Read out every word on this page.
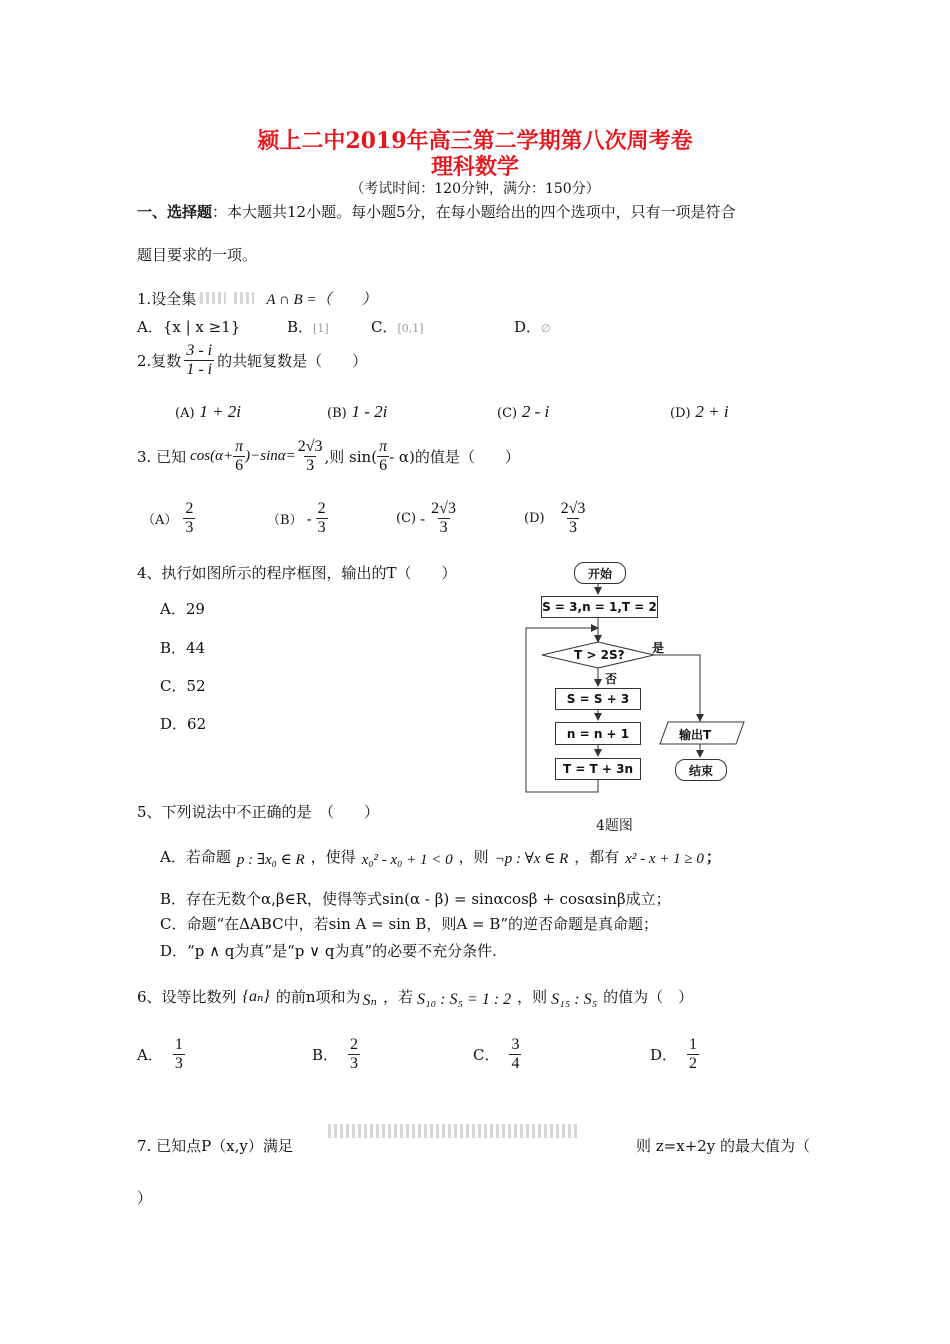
颍上二中2019年高三第二学期第八次周考卷
理科数学
（考试时间：120分钟，满分：150分）
一、选择题：本大题共12小题。每小题5分，在每小题给出的四个选项中，只有一项是符合
题目要求的一项。
1.设全集	A ∩ B =（　　）
A．{x | x ≥1}	B．[1]	C．[0,1]	D．∅
2.复数 $\frac{3 - i}{1 - i}$ 的共轭复数是（　　）
(A) 1 + 2i	(B) 1 - 2i	(C) 2 - i	(D) 2 + i
3. 已知 $\cos(\alpha+ \frac{\pi}{6} )-\sin\alpha= \frac{2√3}{3}$ ,则 $\sin( \frac{\pi}{6} - \alpha)$的值是（　　）
$(A) \frac{2}{3}$	$(B) - \frac{2}{3}$	$(C) - \frac{2√3}{3}$	$(D) \frac{2√3}{3}$
4、执行如图所示的程序框图，输出的T（　　）
A．29
B．44
C．52
D．62
开始
S = 3,n = 1,T = 2
T > 2S? 是
否
S = S + 3
n = n + 1
T = T + 3n
输出T
结束
4题图
5、下列说法中不正确的是　（　　）
A．若命题 p : ∃x₀ ∈ R ，使得 x₀² - x₀ + 1 < 0 ，则 ¬p : ∀x ∈ R ，都有 x² - x + 1 ≥ 0 ；
B．存在无数个α,β∈R，使得等式sin(α - β) = sinαcosβ + cosαsinβ成立；
C．命题“在ΔABC中，若sin A = sin B，则A = B”的逆否命题是真命题；
D．“p ∧ q为真”是“p ∨ q为真”的必要不充分条件.
6、设等比数列 {aₙ} 的前n项和为 Sₙ ，若 S₁₀ : S₅ = 1 : 2 ，则 S₁₅ : S₅ 的值为（　）
A． $\frac{1}{3}$	B． $\frac{2}{3}$	C． $\frac{3}{4}$	D． $\frac{1}{2}$
7. 已知点P（x,y）满足	则 z=x+2y 的最大值为（
）
